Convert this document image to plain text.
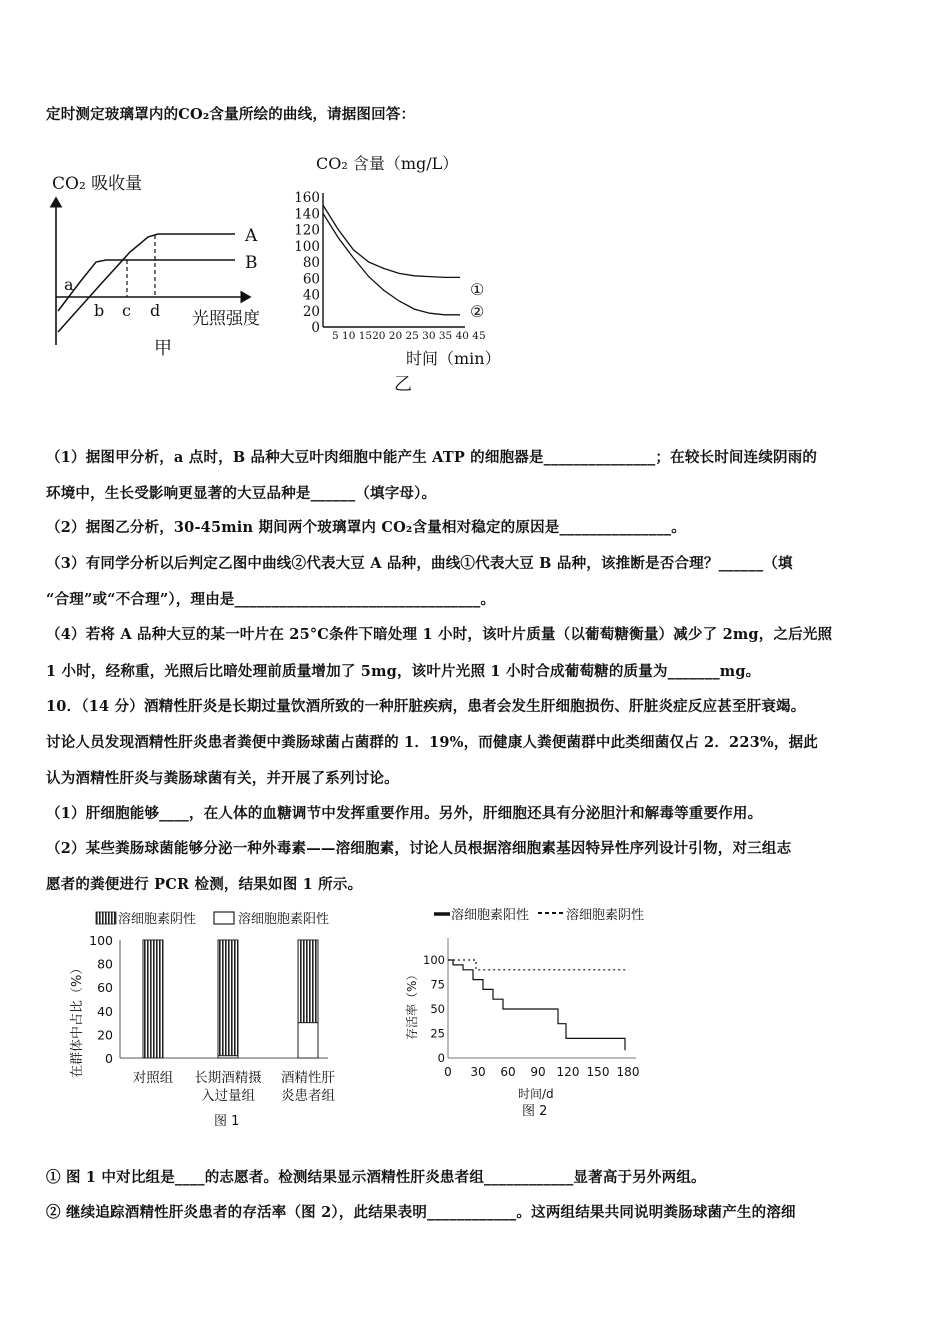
定时测定玻璃罩内的CO₂含量所绘的曲线，请据图回答：
CO₂ 吸收量
A
B
a
b c d 光照强度
甲
CO₂ 含量（mg/L）
160
140
120
100
80
60
40
20
0 5 10 1520 20 25 30 35 40 45
①
②
时间（min）
乙
（1）据图甲分析，a 点时，B 品种大豆叶肉细胞中能产生 ATP 的细胞器是_______________；在较长时间连续阴雨的
环境中，生长受影响更显著的大豆品种是______（填字母）。
（2）据图乙分析，30-45min 期间两个玻璃罩内 CO₂含量相对稳定的原因是_______________。
（3）有同学分析以后判定乙图中曲线②代表大豆 A 品种，曲线①代表大豆 B 品种，该推断是否合理？______（填
“合理”或“不合理”），理由是_________________________________。
（4）若将 A 品种大豆的某一叶片在 25°C条件下暗处理 1 小时，该叶片质量（以葡萄糖衡量）减少了 2mg，之后光照
1 小时，经称重，光照后比暗处理前质量增加了 5mg，该叶片光照 1 小时合成葡萄糖的质量为_______mg。
10．（14 分）酒精性肝炎是长期过量饮酒所致的一种肝脏疾病，患者会发生肝细胞损伤、肝脏炎症反应甚至肝衰竭。
讨论人员发现酒精性肝炎患者粪便中粪肠球菌占菌群的 1．19%，而健康人粪便菌群中此类细菌仅占 2．223%，据此
认为酒精性肝炎与粪肠球菌有关，并开展了系列讨论。
（1）肝细胞能够____，在人体的血糖调节中发挥重要作用。另外，肝细胞还具有分泌胆汁和解毒等重要作用。
（2）某些粪肠球菌能够分泌一种外毒素——溶细胞素，讨论人员根据溶细胞素基因特异性序列设计引物，对三组志
愿者的粪便进行 PCR 检测，结果如图 1 所示。
溶细胞素阴性	溶细胞胞素阳性
在群体中占比（%）
100
80
60
40
20
0
对照组 长期酒精摄
入过量组
酒精性肝
炎患者组
图 1
溶细胞素阳性	溶细胞素阴性
存活率（%）
100
75
50
25
0
0 30 60 90 120 150 180
时间/d
图 2
① 图 1 中对比组是____的志愿者。检测结果显示酒精性肝炎患者组____________显著高于另外两组。
② 继续追踪酒精性肝炎患者的存活率（图 2），此结果表明____________。这两组结果共同说明粪肠球菌产生的溶细
